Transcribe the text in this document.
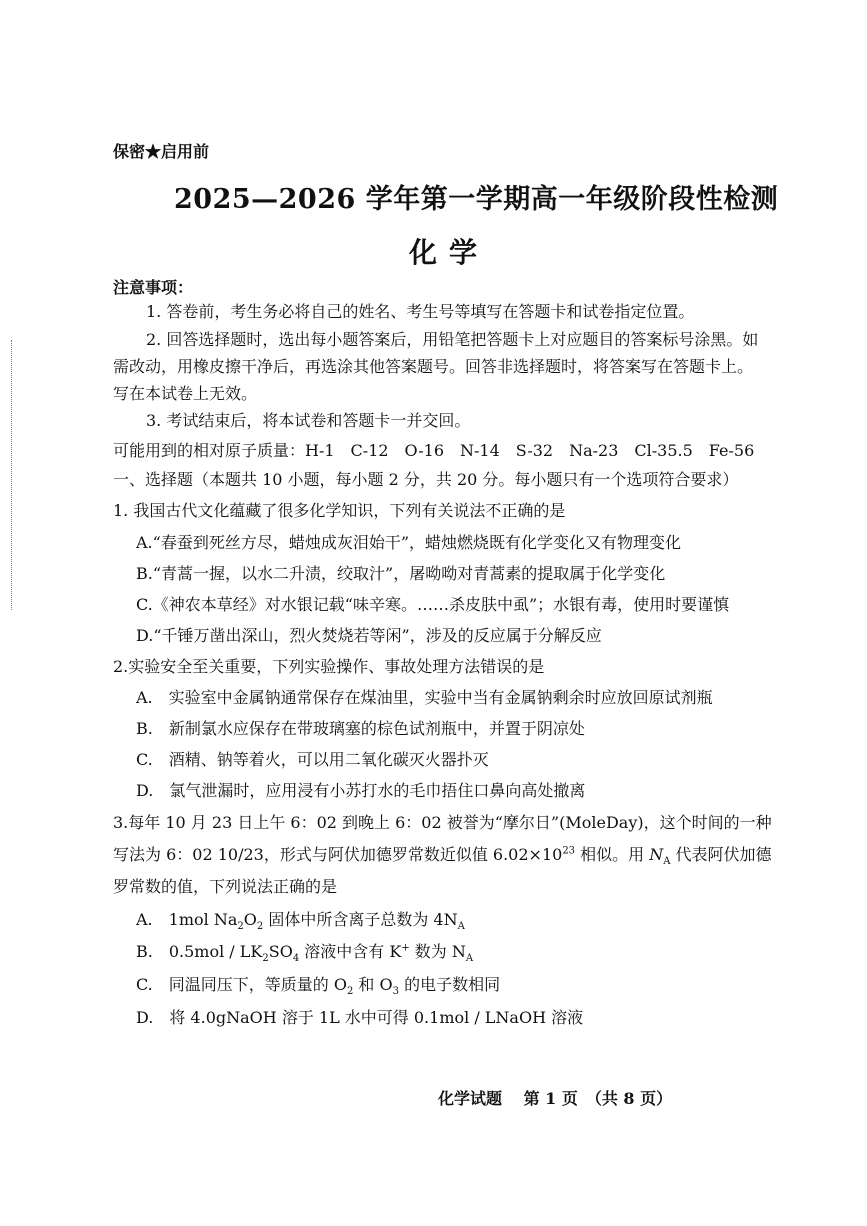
保密★启用前
2025—2026 学年第一学期高一年级阶段性检测
化学
注意事项：
1. 答卷前，考生务必将自己的姓名、考生号等填写在答题卡和试卷指定位置。
2. 回答选择题时，选出每小题答案后，用铅笔把答题卡上对应题目的答案标号涂黑。如
需改动，用橡皮擦干净后，再选涂其他答案题号。回答非选择题时，将答案写在答题卡上。
写在本试卷上无效。
3. 考试结束后，将本试卷和答题卡一并交回。
可能用到的相对原子质量：H-1　C-12　O-16　N-14　S-32　Na-23　Cl-35.5　Fe-56
一、选择题（本题共 10 小题，每小题 2 分，共 20 分。每小题只有一个选项符合要求）
1. 我国古代文化蕴藏了很多化学知识，下列有关说法不正确的是
A.“春蚕到死丝方尽，蜡烛成灰泪始干”，蜡烛燃烧既有化学变化又有物理变化
B.“青蒿一握，以水二升渍，绞取汁”，屠呦呦对青蒿素的提取属于化学变化
C.《神农本草经》对水银记载“味辛寒。……杀皮肤中虱”；水银有毒，使用时要谨慎
D.“千锤万凿出深山，烈火焚烧若等闲”，涉及的反应属于分解反应
2.实验安全至关重要，下列实验操作、事故处理方法错误的是
A.　实验室中金属钠通常保存在煤油里，实验中当有金属钠剩余时应放回原试剂瓶
B.　新制氯水应保存在带玻璃塞的棕色试剂瓶中，并置于阴凉处
C.　酒精、钠等着火，可以用二氧化碳灭火器扑灭
D.　氯气泄漏时，应用浸有小苏打水的毛巾捂住口鼻向高处撤离
3.每年 10 月 23 日上午 6：02 到晚上 6：02 被誉为“摩尔日”(MoleDay)，这个时间的一种
写法为 6：02 10/23，形式与阿伏加德罗常数近似值 $6.02\times 10^{23}$ 相似。用 $N_A$ 代表阿伏加德
罗常数的值，下列说法正确的是
A.　1mol $Na_2O_2$ 固体中所含离子总数为 $4N_A$
B.　$0.5mol / LK_2SO_4$ 溶液中含有 K+ 数为 $N_A$
C.　同温同压下，等质量的 $O_2$ 和 $O_3$ 的电子数相同
D.　将 4.0gNaOH 溶于 1L 水中可得 0.1mol / LNaOH 溶液
化学试题　 第 1 页　（共 8 页）
